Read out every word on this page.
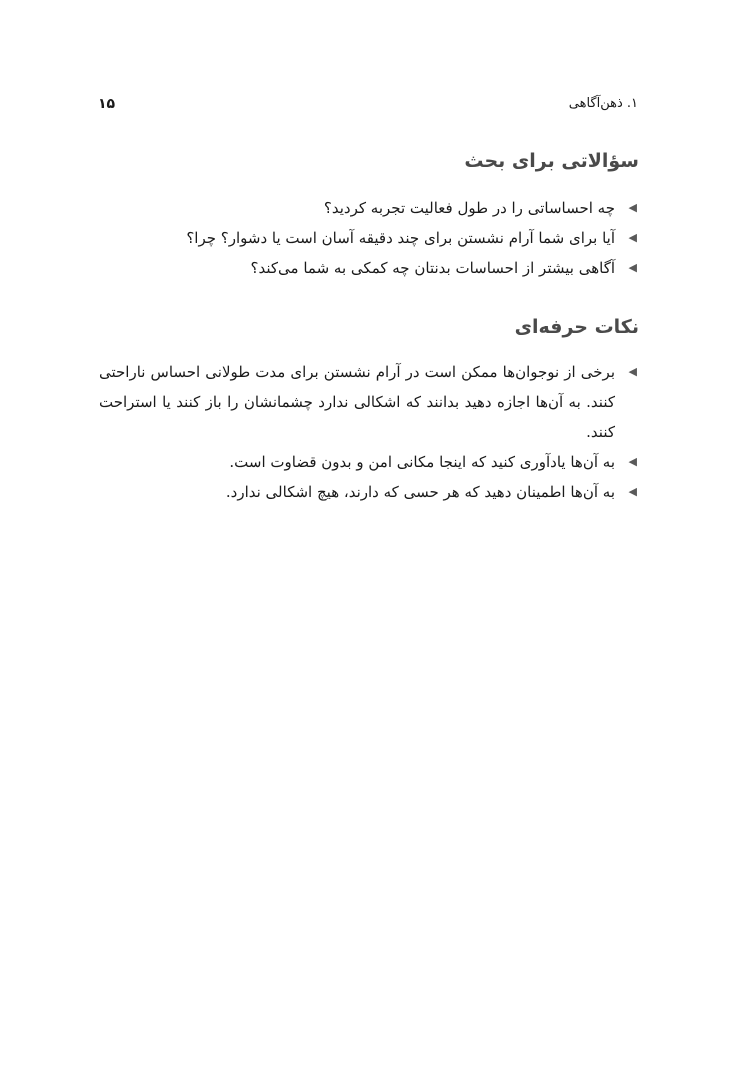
۱. ذهن‌آگاهی
۱۵
سؤالاتی برای بحث
◀
چه احساساتی را در طول فعالیت تجربه کردید؟
◀
آیا برای شما آرام نشستن برای چند دقیقه آسان است یا دشوار؟ چرا؟
◀
آگاهی بیشتر از احساسات بدنتان چه کمکی به شما می‌کند؟
نکات حرفه‌ای
◀
برخی از نوجوان‌ها ممکن است در آرام نشستن برای مدت طولانی احساس ناراحتی کنند. به آن‌ها اجازه دهید بدانند که اشکالی ندارد چشمانشان را باز کنند یا استراحت کنند.
◀
به آن‌ها یادآوری کنید که اینجا مکانی امن و بدون قضاوت است.
◀
به آن‌ها اطمینان دهید که هر حسی که دارند، هیچ اشکالی ندارد.
